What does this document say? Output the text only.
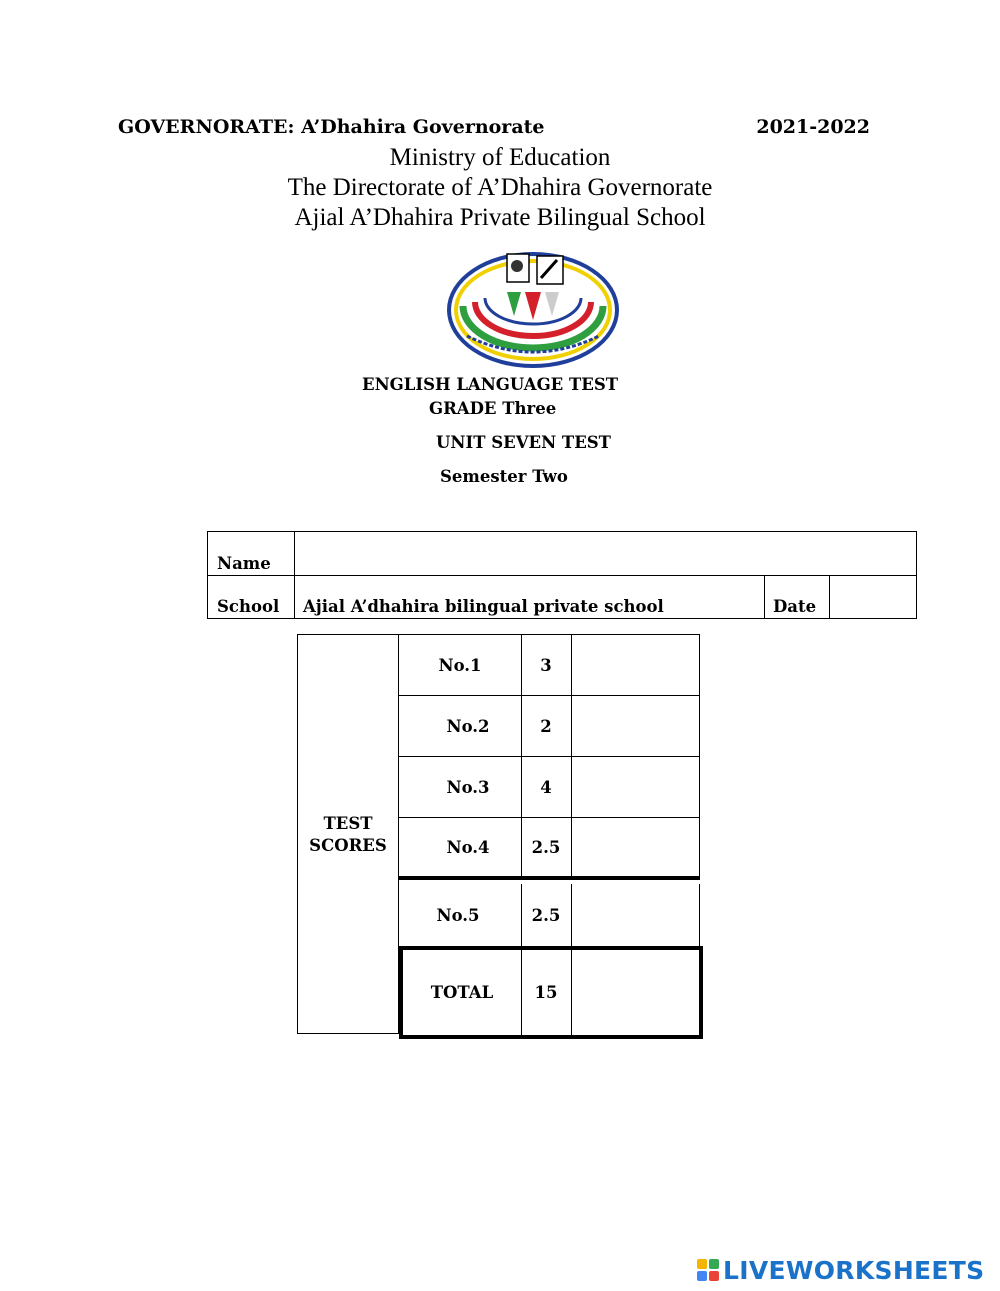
GOVERNORATE: A’Dhahira Governorate	2021-2022
Ministry of Education
The Directorate of A’Dhahira Governorate
Ajial A’Dhahira Private Bilingual School
ENGLISH LANGUAGE TEST
GRADE Three
UNIT SEVEN TEST
Semester Two
Name
School Ajial A’dhahira bilingual private school	Date
TEST
SCORES
No.1	3
No.2	2
No.3	4
No.4	2.5
No.5	2.5
TOTAL	15
LIVEWORKSHEETS
